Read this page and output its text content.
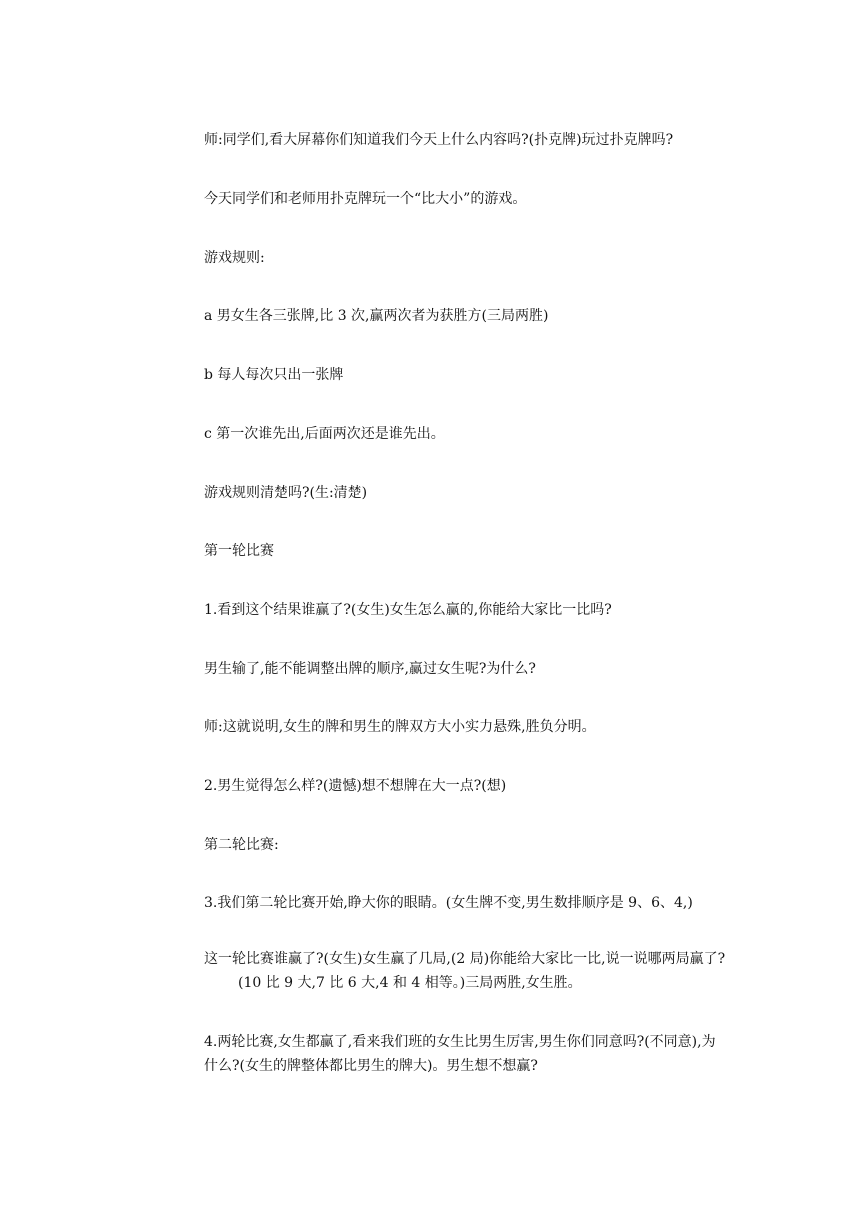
师:同学们,看大屏幕你们知道我们今天上什么内容吗?(扑克牌)玩过扑克牌吗?
今天同学们和老师用扑克牌玩一个“比大小”的游戏。
游戏规则:
a 男女生各三张牌,比 3 次,赢两次者为获胜方(三局两胜)
b 每人每次只出一张牌
c 第一次谁先出,后面两次还是谁先出。
游戏规则清楚吗?(生:清楚)
第一轮比赛
1.看到这个结果谁赢了?(女生)女生怎么赢的,你能给大家比一比吗?
男生输了,能不能调整出牌的顺序,赢过女生呢?为什么?
师:这就说明,女生的牌和男生的牌双方大小实力悬殊,胜负分明。
2.男生觉得怎么样?(遗憾)想不想牌在大一点?(想)
第二轮比赛:
3.我们第二轮比赛开始,睁大你的眼睛。(女生牌不变,男生数排顺序是 9、6、4,)
这一轮比赛谁赢了?(女生)女生赢了几局,(2 局)你能给大家比一比,说一说哪两局赢了?
(10 比 9 大,7 比 6 大,4 和 4 相等。)三局两胜,女生胜。
4.两轮比赛,女生都赢了,看来我们班的女生比男生厉害,男生你们同意吗?(不同意),为
什么?(女生的牌整体都比男生的牌大)。男生想不想赢?
